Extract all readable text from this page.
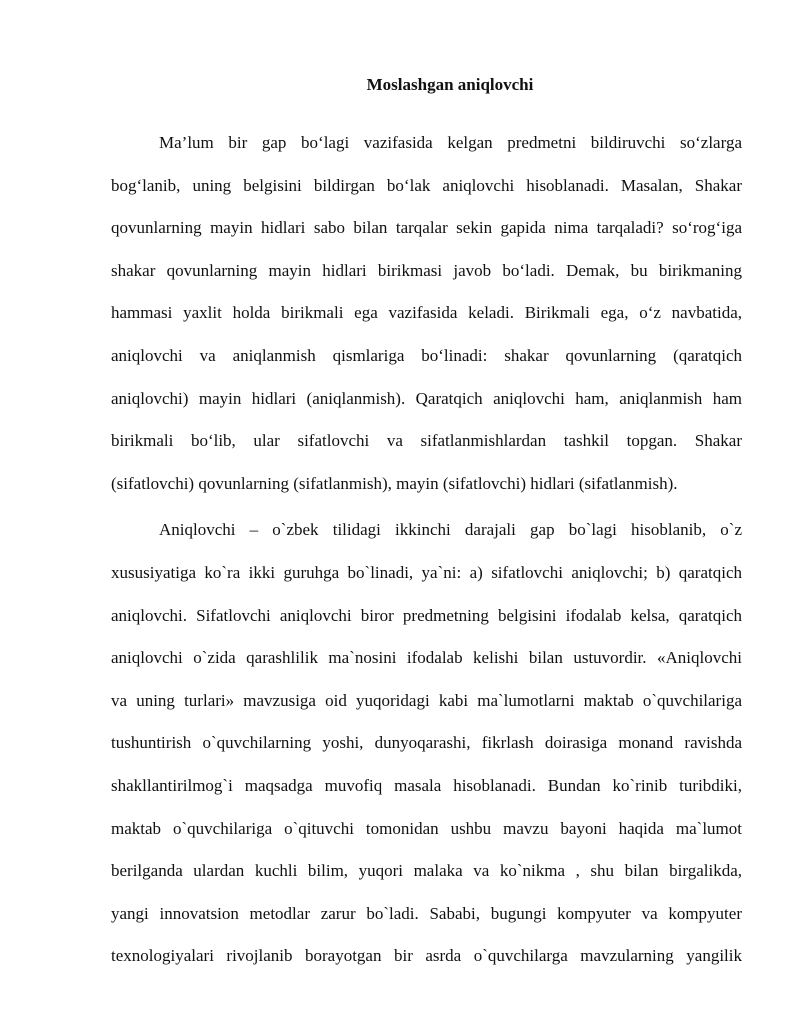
Moslashgan aniqlovchi

Ma’lum bir gap bo‘lagi vazifasida kelgan predmetni bildiruvchi so‘zlarga
bog‘lanib, uning belgisini bildirgan bo‘lak aniqlovchi hisoblanadi. Masalan, Shakar
qovunlarning mayin hidlari sabo bilan tarqalar sekin gapida nima tarqaladi? so‘rog‘iga
shakar qovunlarning mayin hidlari birikmasi javob bo‘ladi. Demak, bu birikmaning
hammasi yaxlit holda birikmali ega vazifasida keladi. Birikmali ega, o‘z navbatida,
aniqlovchi va aniqlanmish qismlariga bo‘linadi: shakar qovunlarning (qaratqich
aniqlovchi) mayin hidlari (aniqlanmish). Qaratqich aniqlovchi ham, aniqlanmish ham
birikmali bo‘lib, ular sifatlovchi va sifatlanmishlardan tashkil topgan. Shakar
(sifatlovchi) qovunlarning (sifatlanmish), mayin (sifatlovchi) hidlari (sifatlanmish).

Aniqlovchi – o`zbek tilidagi ikkinchi darajali gap bo`lagi hisoblanib, o`z
xususiyatiga ko`ra ikki guruhga bo`linadi, ya`ni: a) sifatlovchi aniqlovchi; b) qaratqich
aniqlovchi. Sifatlovchi aniqlovchi biror predmetning belgisini ifodalab kelsa, qaratqich
aniqlovchi o`zida qarashlilik ma`nosini ifodalab kelishi bilan ustuvordir. «Aniqlovchi
va uning turlari» mavzusiga oid yuqoridagi kabi ma`lumotlarni maktab o`quvchilariga
tushuntirish o`quvchilarning yoshi, dunyoqarashi, fikrlash doirasiga monand ravishda
shakllantirilmog`i maqsadga muvofiq masala hisoblanadi. Bundan ko`rinib turibdiki,
maktab o`quvchilariga o`qituvchi tomonidan ushbu mavzu bayoni haqida ma`lumot
berilganda ulardan kuchli bilim, yuqori malaka va ko`nikma , shu bilan birgalikda,
yangi innovatsion metodlar zarur bo`ladi. Sababi, bugungi kompyuter va kompyuter
texnologiyalari rivojlanib borayotgan bir asrda o`quvchilarga mavzularning yangilik
